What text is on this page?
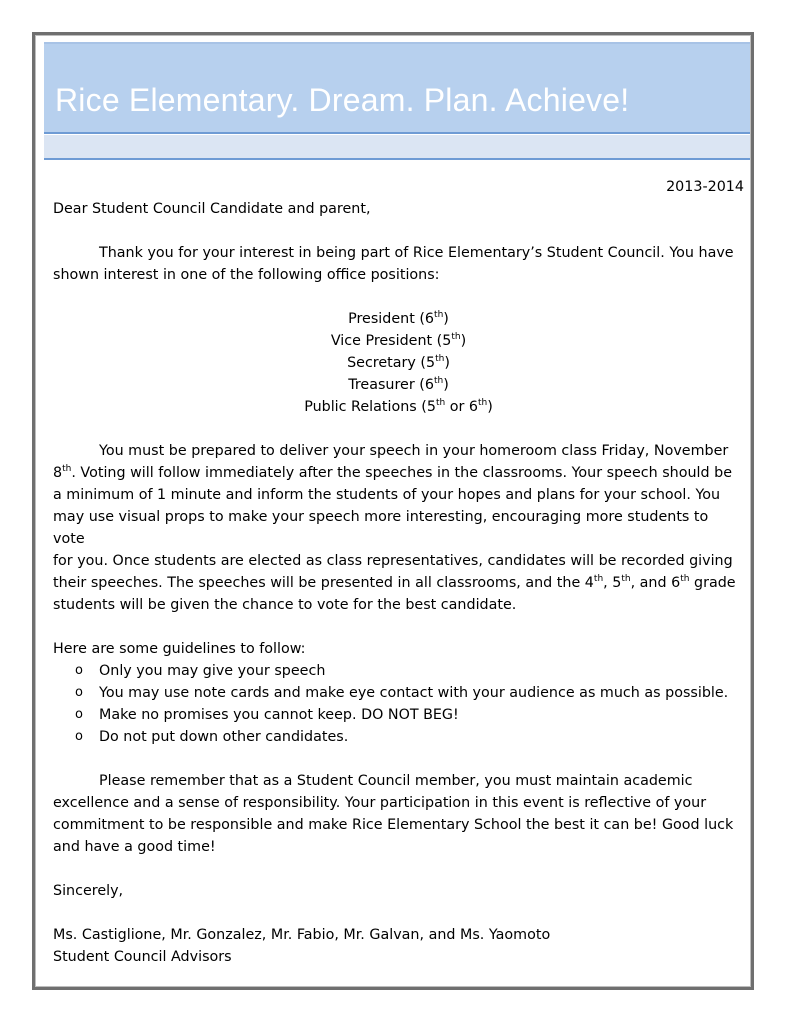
Rice Elementary. Dream. Plan. Achieve!

2013-2014

Dear Student Council Candidate and parent,

Thank you for your interest in being part of Rice Elementary’s Student Council. You have

shown interest in one of the following office positions:

President (6th)

Vice President (5th)

Secretary (5th)

Treasurer (6th)

Public Relations (5th or 6th)

You must be prepared to deliver your speech in your homeroom class Friday, November

8th. Voting will follow immediately after the speeches in the classrooms. Your speech should be

a minimum of 1 minute and inform the students of your hopes and plans for your school. You

may use visual props to make your speech more interesting, encouraging more students to vote

for you. Once students are elected as class representatives, candidates will be recorded giving

their speeches. The speeches will be presented in all classrooms, and the 4th, 5th, and 6th grade

students will be given the chance to vote for the best candidate.

Here are some guidelines to follow:

o Only you may give your speech
o You may use note cards and make eye contact with your audience as much as possible.
o Make no promises you cannot keep. DO NOT BEG!
o Do not put down other candidates.

Please remember that as a Student Council member, you must maintain academic

excellence and a sense of responsibility. Your participation in this event is reflective of your

commitment to be responsible and make Rice Elementary School the best it can be! Good luck

and have a good time!

Sincerely,

Ms. Castiglione, Mr. Gonzalez, Mr. Fabio, Mr. Galvan, and Ms. Yaomoto

Student Council Advisors
